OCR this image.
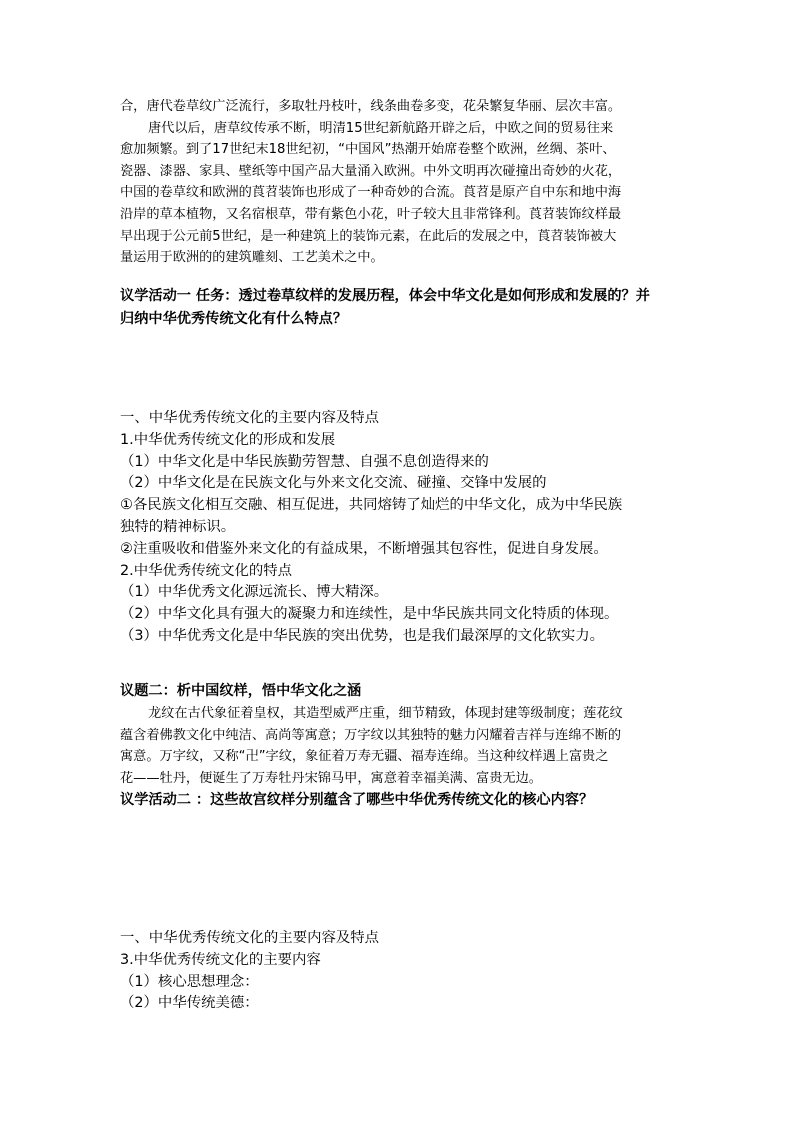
合，唐代卷草纹广泛流行，多取牡丹枝叶，线条曲卷多变，花朵繁复华丽、层次丰富。
唐代以后，唐草纹传承不断，明清15世纪新航路开辟之后，中欧之间的贸易往来
愈加频繁。到了17世纪末18世纪初，“中国风”热潮开始席卷整个欧洲，丝绸、茶叶、
瓷器、漆器、家具、壁纸等中国产品大量涌入欧洲。中外文明再次碰撞出奇妙的火花，
中国的卷草纹和欧洲的莨苕装饰也形成了一种奇妙的合流。莨苕是原产自中东和地中海
沿岸的草本植物，又名宿根草，带有紫色小花，叶子较大且非常锋利。莨苕装饰纹样最
早出现于公元前5世纪，是一种建筑上的装饰元素，在此后的发展之中，莨苕装饰被大
量运用于欧洲的的建筑雕刻、工艺美术之中。
议学活动一 任务：透过卷草纹样的发展历程，体会中华文化是如何形成和发展的？并
归纳中华优秀传统文化有什么特点？
一、中华优秀传统文化的主要内容及特点
1.中华优秀传统文化的形成和发展
（1）中华文化是中华民族勤劳智慧、自强不息创造得来的
（2）中华文化是在民族文化与外来文化交流、碰撞、交锋中发展的
①各民族文化相互交融、相互促进，共同熔铸了灿烂的中华文化，成为中华民族
独特的精神标识。
②注重吸收和借鉴外来文化的有益成果，不断增强其包容性，促进自身发展。
2.中华优秀传统文化的特点
（1）中华优秀文化源远流长、博大精深。
（2）中华文化具有强大的凝聚力和连续性，是中华民族共同文化特质的体现。
（3）中华优秀文化是中华民族的突出优势，也是我们最深厚的文化软实力。
议题二：析中国纹样，悟中华文化之涵
龙纹在古代象征着皇权，其造型威严庄重，细节精致，体现封建等级制度；莲花纹
蕴含着佛教文化中纯洁、高尚等寓意；万字纹以其独特的魅力闪耀着吉祥与连绵不断的
寓意。万字纹，又称“卍”字纹，象征着万寿无疆、福寿连绵。当这种纹样遇上富贵之
花——牡丹，便诞生了万寿牡丹宋锦马甲，寓意着幸福美满、富贵无边。
议学活动二 ：这些故宫纹样分别蕴含了哪些中华优秀传统文化的核心内容？
一、中华优秀传统文化的主要内容及特点
3.中华优秀传统文化的主要内容
（1）核心思想理念：
（2）中华传统美德：
